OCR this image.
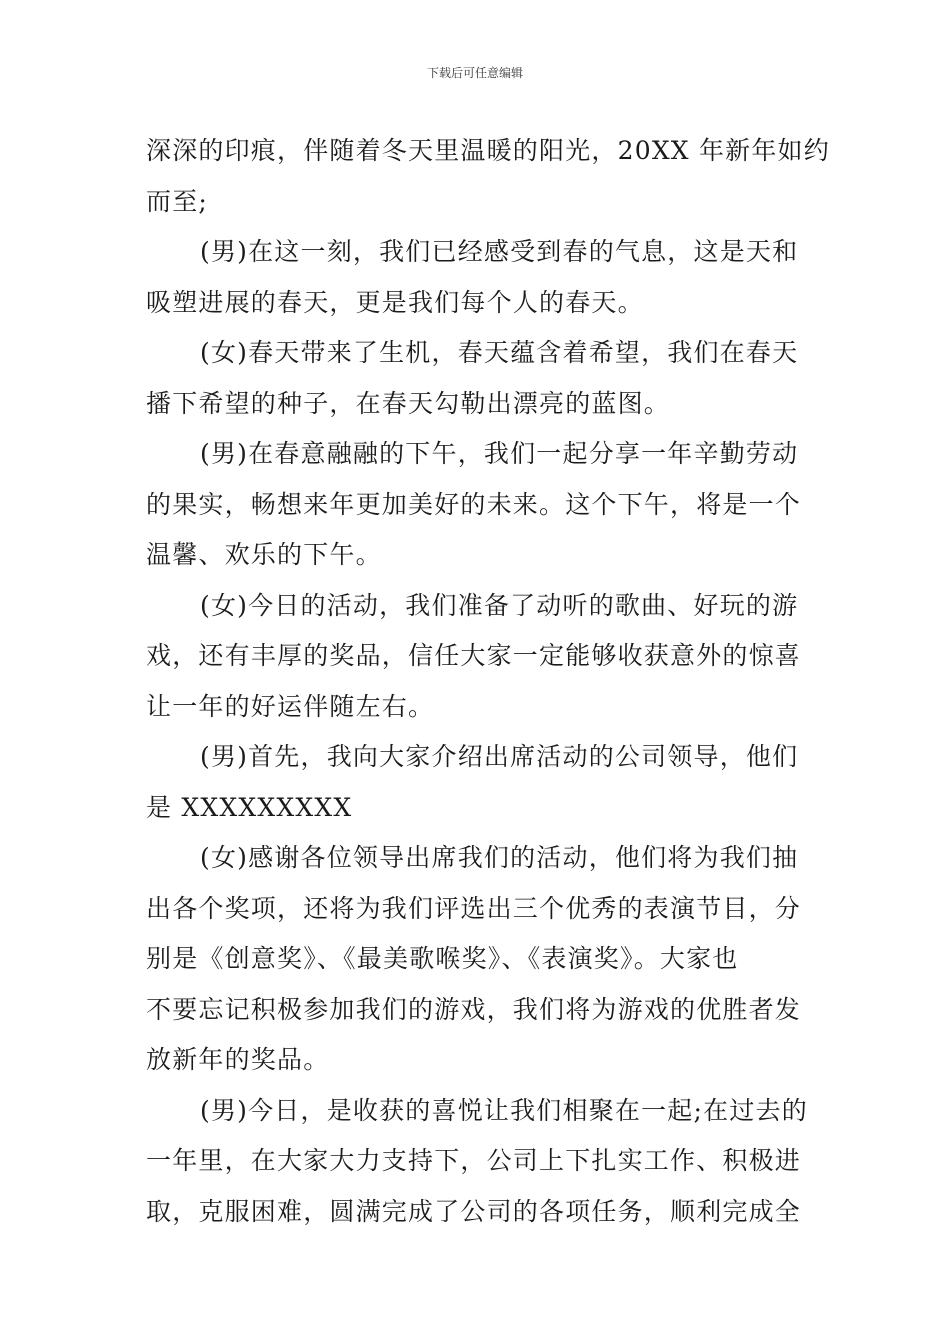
下载后可任意编辑
深深的印痕，伴随着冬天里温暖的阳光，20XX 年新年如约
而至;
(男)在这一刻，我们已经感受到春的气息，这是天和
吸塑进展的春天，更是我们每个人的春天。
(女)春天带来了生机，春天蕴含着希望，我们在春天
播下希望的种子，在春天勾勒出漂亮的蓝图。
(男)在春意融融的下午，我们一起分享一年辛勤劳动
的果实，畅想来年更加美好的未来。这个下午，将是一个
温馨、欢乐的下午。
(女)今日的活动，我们准备了动听的歌曲、好玩的游
戏，还有丰厚的奖品，信任大家一定能够收获意外的惊喜
让一年的好运伴随左右。
(男)首先，我向大家介绍出席活动的公司领导，他们
是 XXXXXXXXX
(女)感谢各位领导出席我们的活动，他们将为我们抽
出各个奖项，还将为我们评选出三个优秀的表演节目，分
别是《创意奖》、《最美歌喉奖》、《表演奖》。大家也
不要忘记积极参加我们的游戏，我们将为游戏的优胜者发
放新年的奖品。
(男)今日，是收获的喜悦让我们相聚在一起;在过去的
一年里，在大家大力支持下，公司上下扎实工作、积极进
取，克服困难，圆满完成了公司的各项任务，顺利完成全
